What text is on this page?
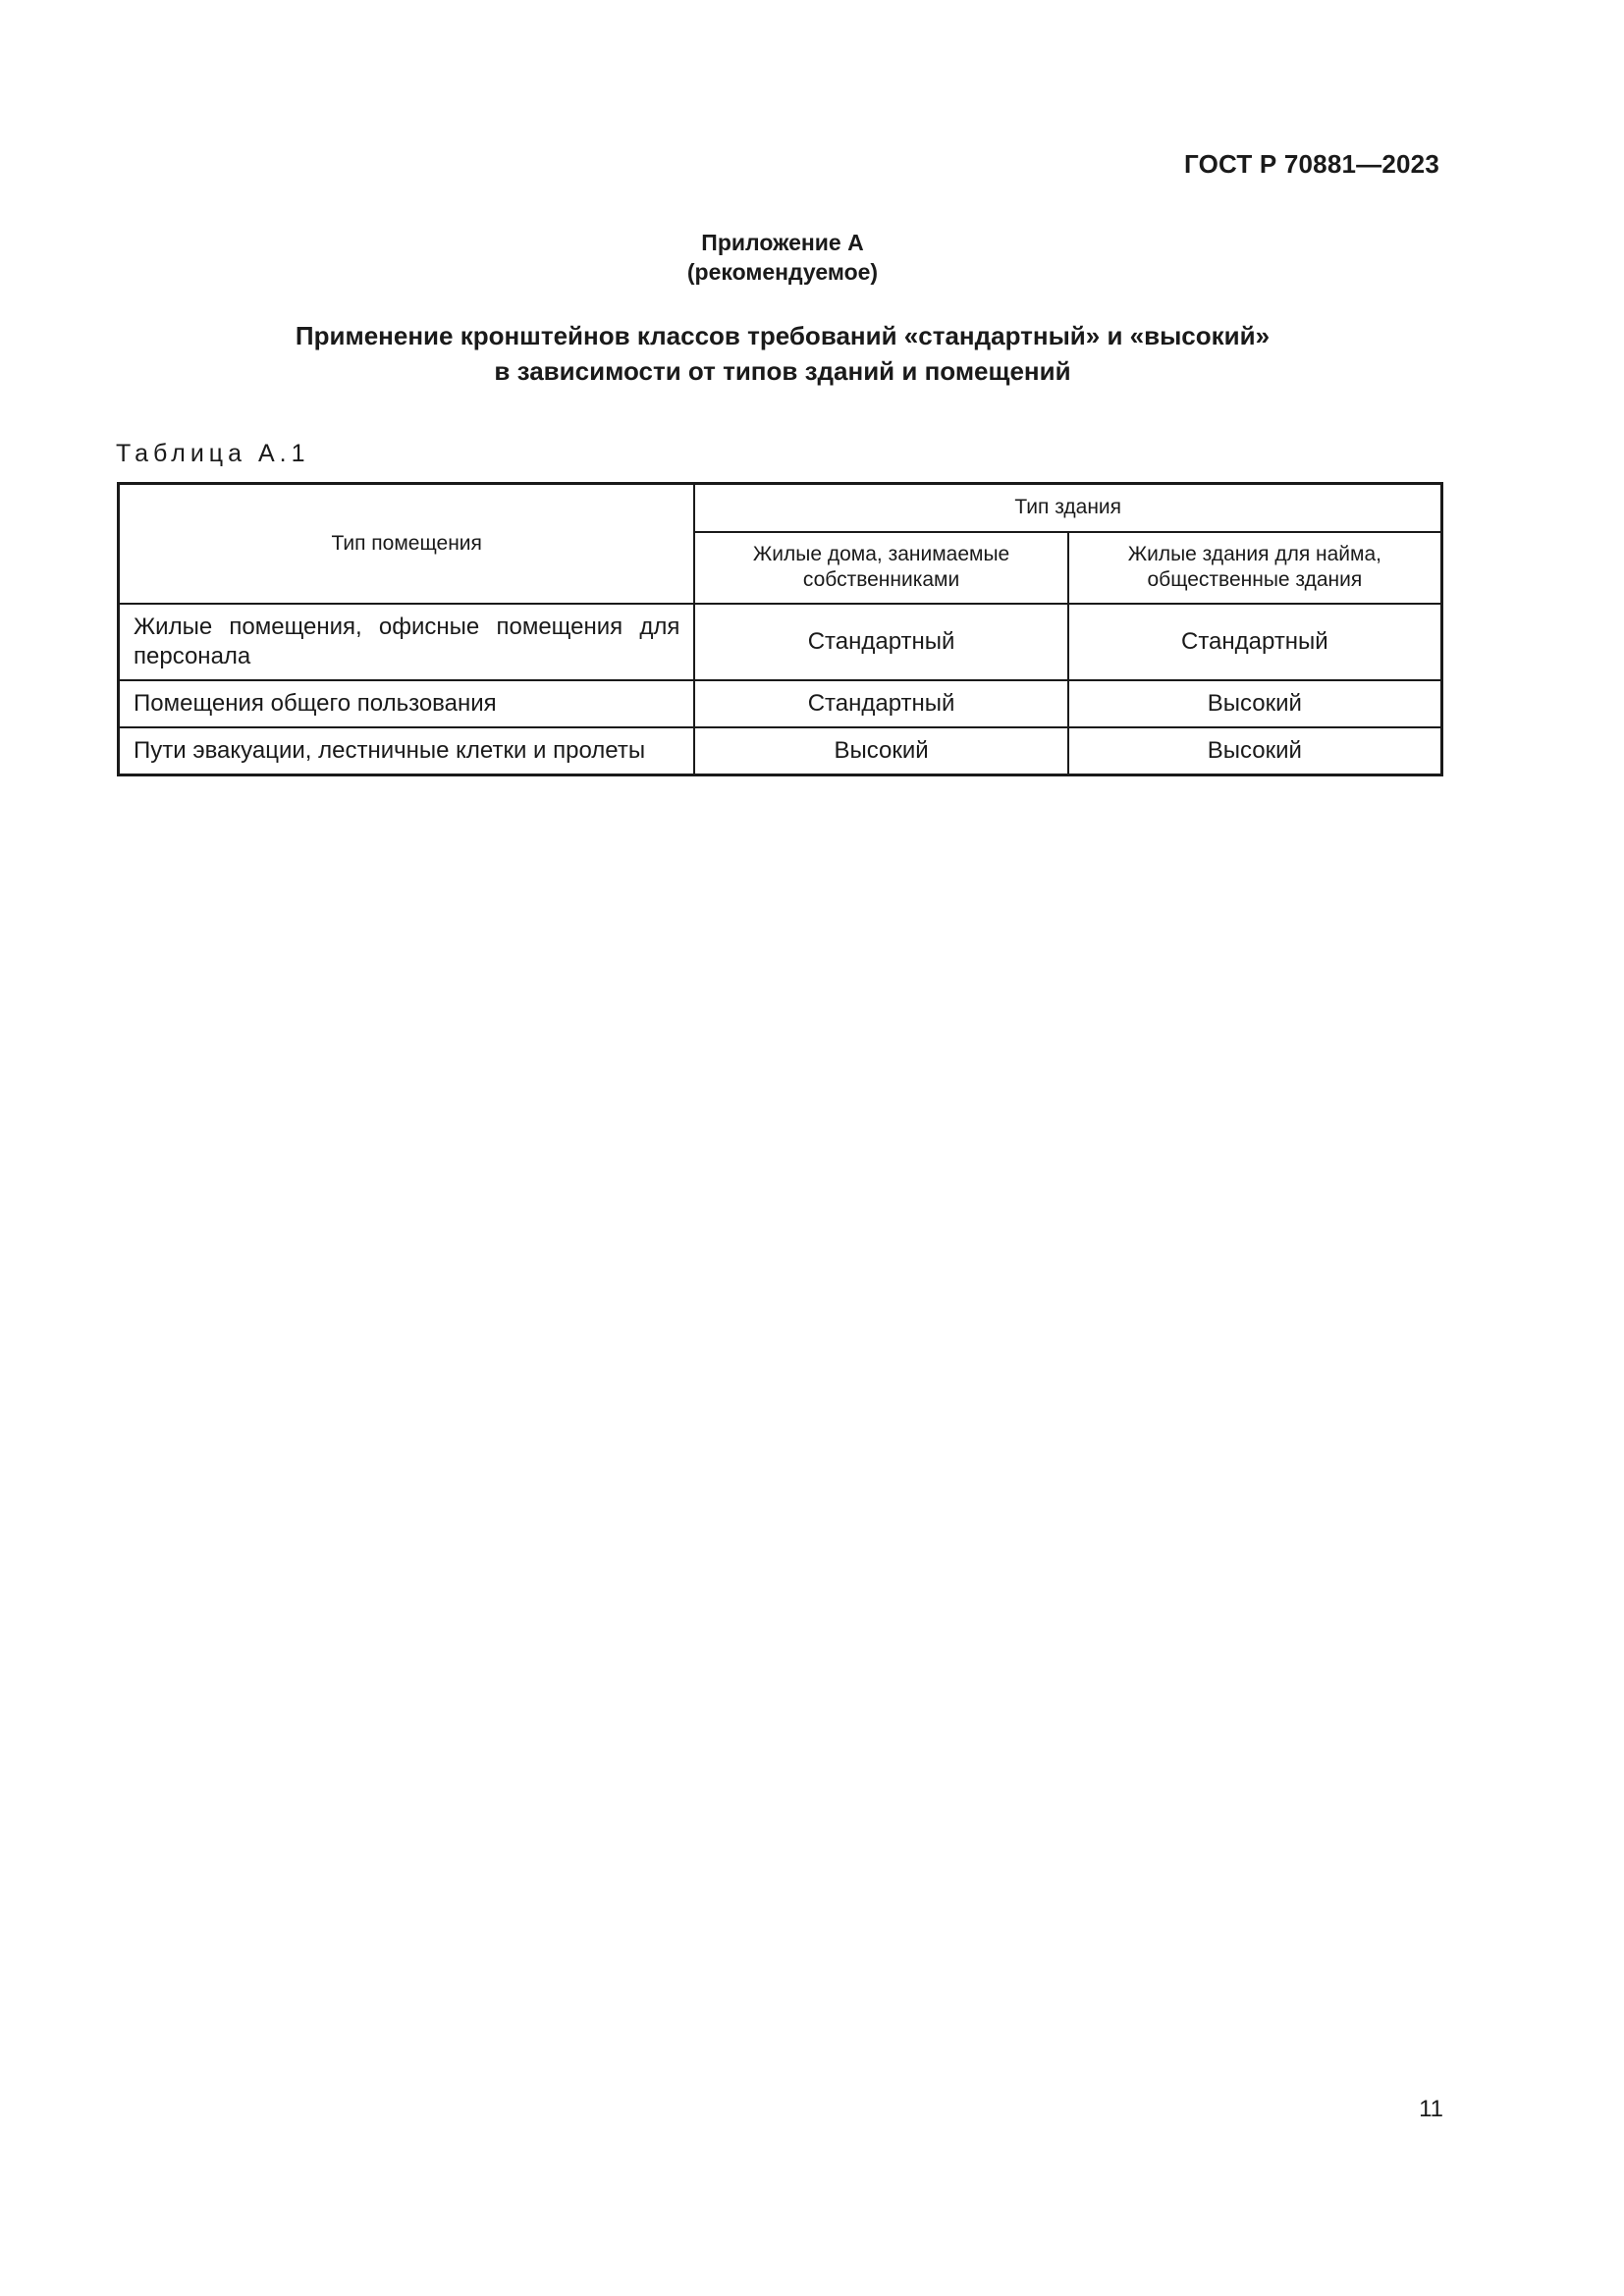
ГОСТ Р 70881—2023
Приложение А
(рекомендуемое)
Применение кронштейнов классов требований «стандартный» и «высокий»
в зависимости от типов зданий и помещений
Таблица А.1
Тип помещения	Тип здания	
	Жилые дома, занимаемые собственниками	Жилые здания для найма, общественные здания
Жилые помещения, офисные помещения для персонала	Стандартный	Стандартный
Помещения общего пользования	Стандартный	Высокий
Пути эвакуации, лестничные клетки и пролеты	Высокий	Высокий
11
